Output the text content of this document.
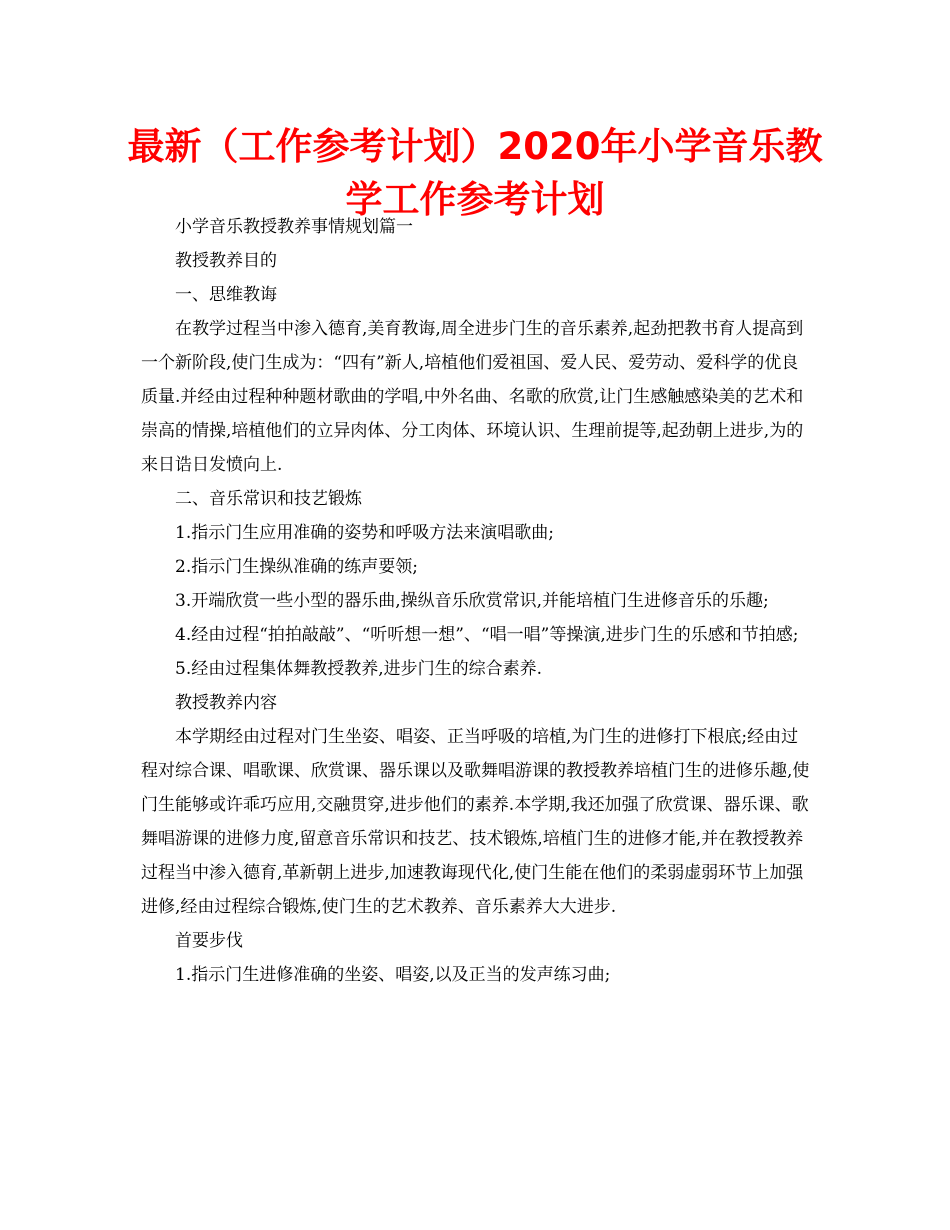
最新（工作参考计划）2020年小学音乐教学工作参考计划

小学音乐教授教养事情规划篇一

教授教养目的

一、思维教诲

在教学过程当中渗入德育,美育教诲,周全进步门生的音乐素养,起劲把教书育人提高到一个新阶段,使门生成为：“四有”新人,培植他们爱祖国、爱人民、爱劳动、爱科学的优良质量.并经由过程种种题材歌曲的学唱,中外名曲、名歌的欣赏,让门生感触感染美的艺术和崇高的情操,培植他们的立异肉体、分工肉体、环境认识、生理前提等,起劲朝上进步,为的来日诰日发愤向上.

二、音乐常识和技艺锻炼

1.指示门生应用准确的姿势和呼吸方法来演唱歌曲;

2.指示门生操纵准确的练声要领;

3.开端欣赏一些小型的器乐曲,操纵音乐欣赏常识,并能培植门生进修音乐的乐趣;

4.经由过程“拍拍敲敲”、“听听想一想”、“唱一唱”等操演,进步门生的乐感和节拍感;

5.经由过程集体舞教授教养,进步门生的综合素养.

教授教养内容

本学期经由过程对门生坐姿、唱姿、正当呼吸的培植,为门生的进修打下根底;经由过程对综合课、唱歌课、欣赏课、器乐课以及歌舞唱游课的教授教养培植门生的进修乐趣,使门生能够或许乖巧应用,交融贯穿,进步他们的素养.本学期,我还加强了欣赏课、器乐课、歌舞唱游课的进修力度,留意音乐常识和技艺、技术锻炼,培植门生的进修才能,并在教授教养过程当中渗入德育,革新朝上进步,加速教诲现代化,使门生能在他们的柔弱虚弱环节上加强进修,经由过程综合锻炼,使门生的艺术教养、音乐素养大大进步.

首要步伐

1.指示门生进修准确的坐姿、唱姿,以及正当的发声练习曲;
